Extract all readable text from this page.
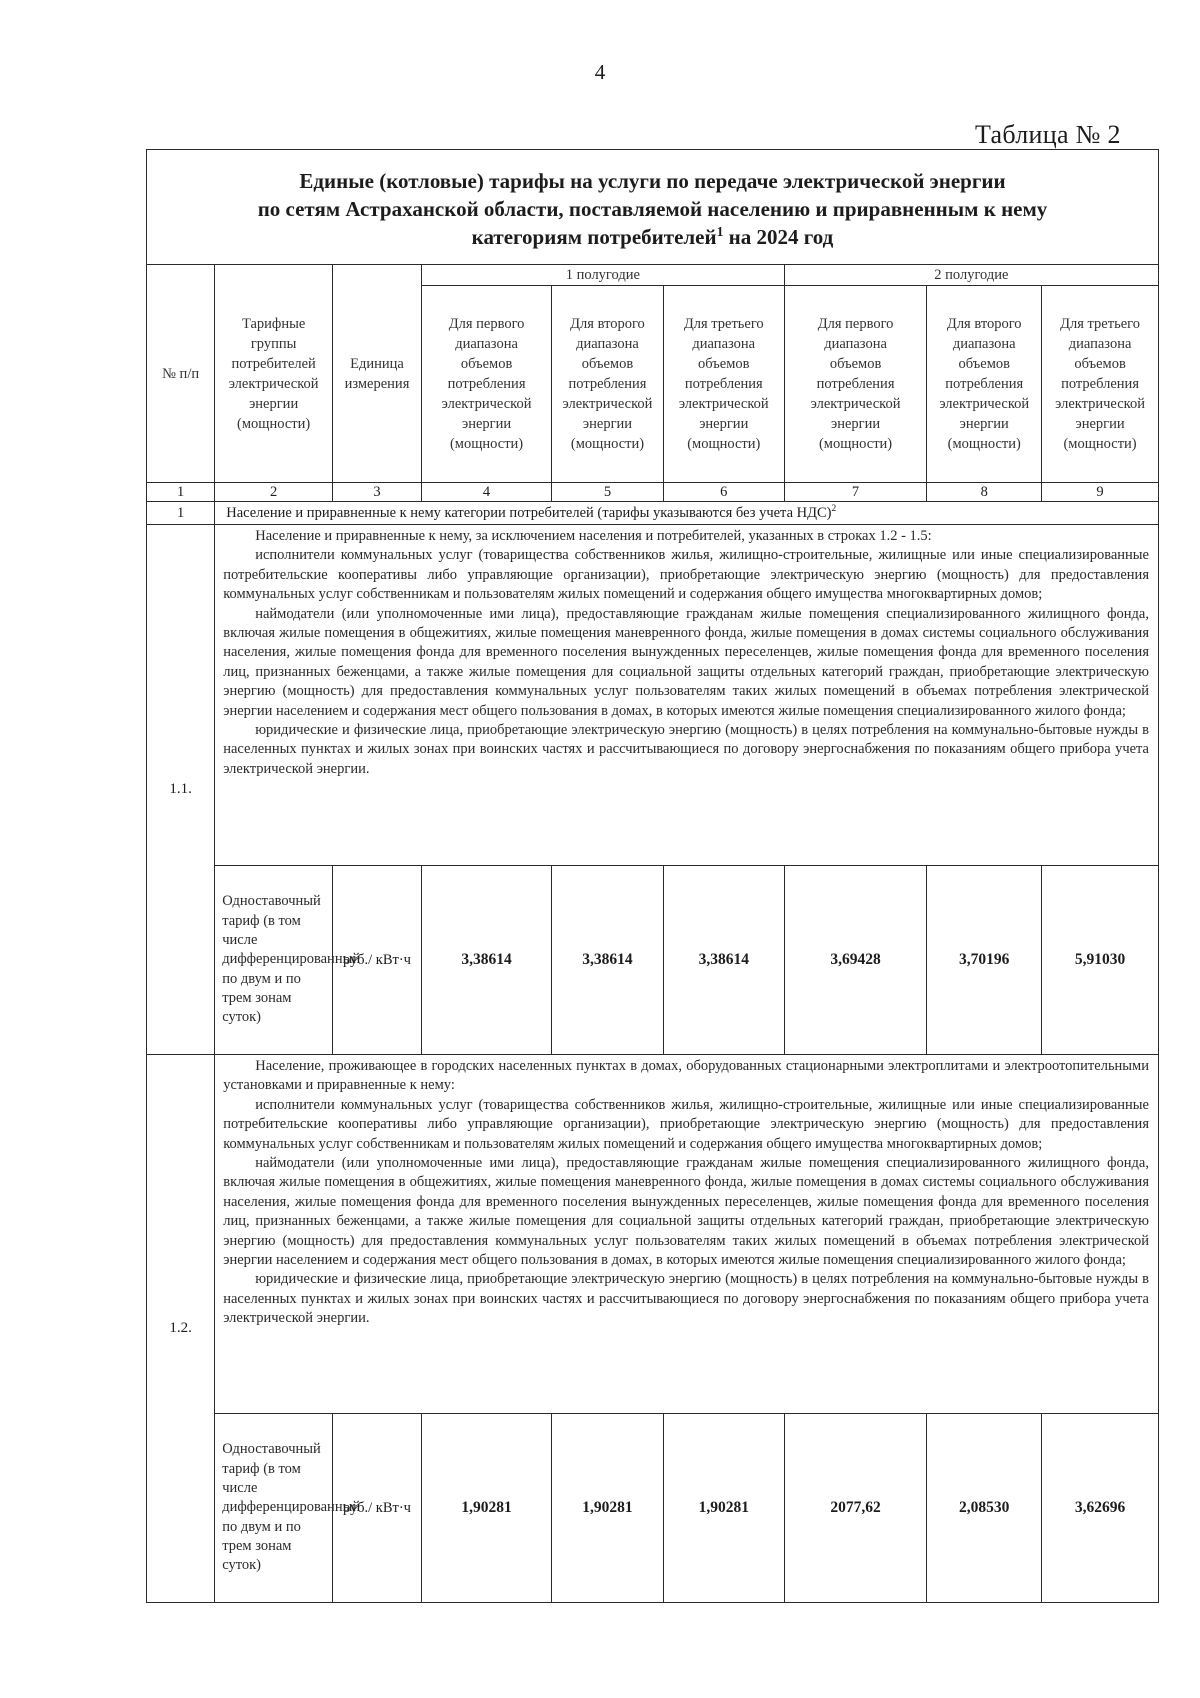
4
Таблица № 2

Единые (котловые) тарифы на услуги по передаче электрической энергии

по сетям Астраханской области, поставляемой населению и приравненным к нему

категориям потребителей$^1$ на 2024 год								

№ п/п	Тарифные группы потребителей электрической энергии (мощности)	Единица измерения	1 полугодие			2 полугодие		
			Для первого диапазона объемов потребления электрической энергии (мощности)	Для второго диапазона объемов потребления электрической энергии (мощности)	Для третьего диапазона объемов потребления электрической энергии (мощности)	Для первого диапазона объемов потребления электрической энергии (мощности)	Для второго диапазона объемов потребления электрической энергии (мощности)	Для третьего диапазона объемов потребления электрической энергии (мощности)
1	2	3	4	5	6	7	8	9
1	Население и приравненные к нему категории потребителей (тарифы указываются без учета НДС)$^2$
1.1.	Население и приравненные к нему, за исключением населения и потребителей, указанных в строках 1.2 - 1.5:

исполнители коммунальных услуг (товарищества собственников жилья, жилищно-строительные, жилищные или иные специализированные потребительские кооперативы либо управляющие организации), приобретающие электрическую энергию (мощность) для предоставления коммунальных услуг собственникам и пользователям жилых помещений и содержания общего имущества многоквартирных домов;

наймодатели (или уполномоченные ими лица), предоставляющие гражданам жилые помещения специализированного жилищного фонда, включая жилые помещения в общежитиях, жилые помещения маневренного фонда, жилые помещения в домах системы социального обслуживания населения, жилые помещения фонда для временного поселения вынужденных переселенцев, жилые помещения фонда для временного поселения лиц, признанных беженцами, а также жилые помещения для социальной защиты отдельных категорий граждан, приобретающие электрическую энергию (мощность) для предоставления коммунальных услуг пользователям таких жилых помещений в объемах потребления электрической энергии населением и содержания мест общего пользования в домах, в которых имеются жилые помещения специализированного жилого фонда;

юридические и физические лица, приобретающие электрическую энергию (мощность) в целях потребления на коммунально-бытовые нужды в населенных пунктах и жилых зонах при воинских частях и рассчитывающиеся по договору энергоснабжения по показаниям общего прибора учета электрической энергии.							

	Одноставочный тариф (в том числе дифференцированный по двум и по трем зонам суток)	руб./ кВт·ч	3,38614	3,38614	3,38614	3,69428	3,70196	5,91030
1.2.	Население, проживающее в городских населенных пунктах в домах, оборудованных стационарными электроплитами и электроотопительными установками и приравненные к нему:

исполнители коммунальных услуг (товарищества собственников жилья, жилищно-строительные, жилищные или иные специализированные потребительские кооперативы либо управляющие организации), приобретающие электрическую энергию (мощность) для предоставления коммунальных услуг собственникам и пользователям жилых помещений и содержания общего имущества многоквартирных домов;

наймодатели (или уполномоченные ими лица), предоставляющие гражданам жилые помещения специализированного жилищного фонда, включая жилые помещения в общежитиях, жилые помещения маневренного фонда, жилые помещения в домах системы социального обслуживания населения, жилые помещения фонда для временного поселения вынужденных переселенцев, жилые помещения фонда для временного поселения лиц, признанных беженцами, а также жилые помещения для социальной защиты отдельных категорий граждан, приобретающие электрическую энергию (мощность) для предоставления коммунальных услуг пользователям таких жилых помещений в объемах потребления электрической энергии населением и содержания мест общего пользования в домах, в которых имеются жилые помещения специализированного жилого фонда;

юридические и физические лица, приобретающие электрическую энергию (мощность) в целях потребления на коммунально-бытовые нужды в населенных пунктах и жилых зонах при воинских частях и рассчитывающиеся по договору энергоснабжения по показаниям общего прибора учета электрической энергии.							

	Одноставочный тариф (в том числе дифференцированный по двум и по трем зонам суток)	руб./ кВт·ч	1,90281	1,90281	1,90281	2077,62	2,08530	3,62696
